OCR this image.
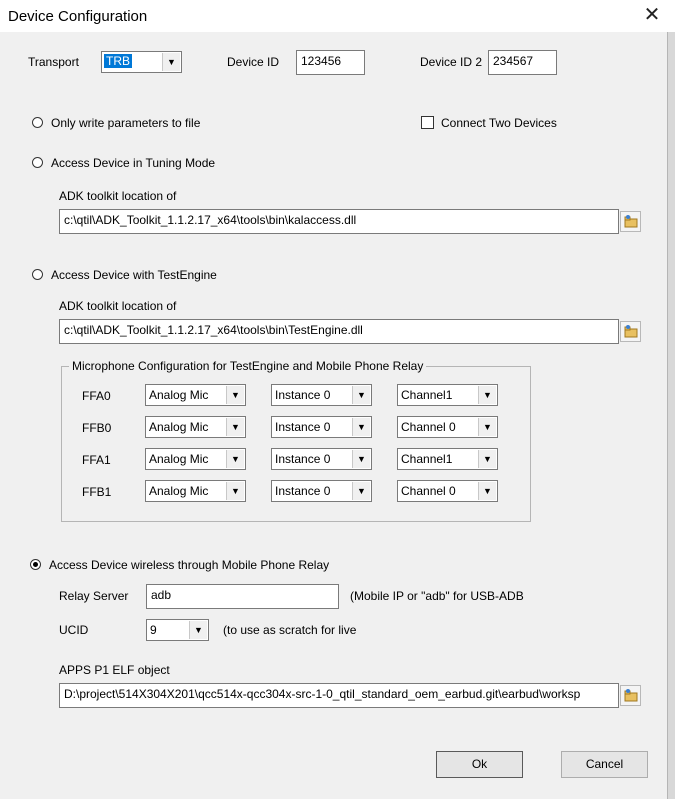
Device Configuration	✕
Transport TRB	▼	Device ID	123456	Device ID 2 234567
Only write parameters to file	Connect Two Devices
Access Device in Tuning Mode
ADK toolkit location of
c:\qtil\ADK_Toolkit_1.1.2.17_x64\tools\bin\kalaccess.dll
Access Device with TestEngine
ADK toolkit location of
c:\qtil\ADK_Toolkit_1.1.2.17_x64\tools\bin\TestEngine.dll
Microphone Configuration for TestEngine and Mobile Phone Relay
FFA0	Analog Mic	▼	Instance 0	▼	Channel1	▼
FFB0	Analog Mic	▼	Instance 0	▼	Channel 0	▼
FFA1	Analog Mic	▼	Instance 0	▼	Channel1	▼
FFB1	Analog Mic	▼	Instance 0	▼	Channel 0	▼
Access Device wireless through Mobile Phone Relay
Relay Server	adb	(Mobile IP or "adb" for USB-ADB
UCID	9	▼	(to use as scratch for live
APPS P1 ELF object
D:\project\514X304X201\qcc514x-qcc304x-src-1-0_qtil_standard_oem_earbud.git\earbud\worksp
Ok	Cancel
